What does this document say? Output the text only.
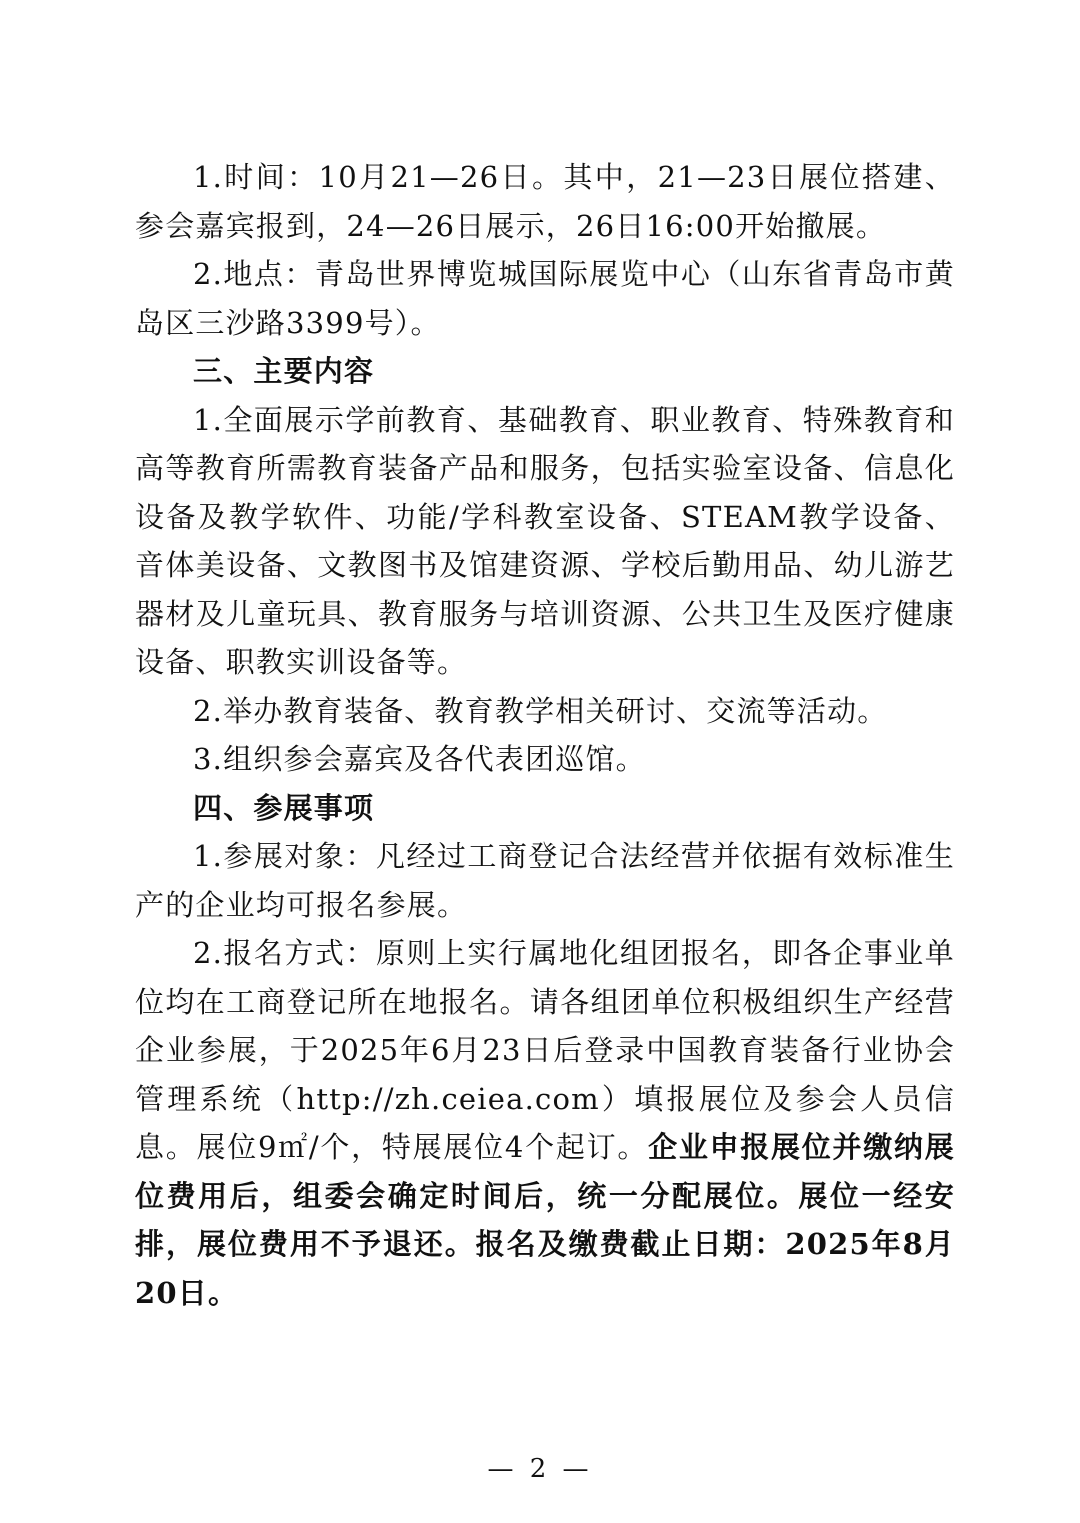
1.时间：10月21—26日。其中，21—23日展位搭建、参会嘉宾报到，24—26日展示，26日16:00开始撤展。

2.地点：青岛世界博览城国际展览中心（山东省青岛市黄岛区三沙路3399号）。

三、主要内容

1.全面展示学前教育、基础教育、职业教育、特殊教育和高等教育所需教育装备产品和服务，包括实验室设备、信息化设备及教学软件、功能/学科教室设备、STEAM教学设备、音体美设备、文教图书及馆建资源、学校后勤用品、幼儿游艺器材及儿童玩具、教育服务与培训资源、公共卫生及医疗健康设备、职教实训设备等。

2.举办教育装备、教育教学相关研讨、交流等活动。

3.组织参会嘉宾及各代表团巡馆。

四、参展事项

1.参展对象：凡经过工商登记合法经营并依据有效标准生产的企业均可报名参展。

2.报名方式：原则上实行属地化组团报名，即各企事业单位均在工商登记所在地报名。请各组团单位积极组织生产经营企业参展，于2025年6月23日后登录中国教育装备行业协会管理系统（http://zh.ceiea.com）填报展位及参会人员信息。展位9㎡/个，特展展位4个起订。企业申报展位并缴纳展位费用后，组委会确定时间后，统一分配展位。展位一经安排，展位费用不予退还。报名及缴费截止日期：2025年8月20日。

— 2 —
